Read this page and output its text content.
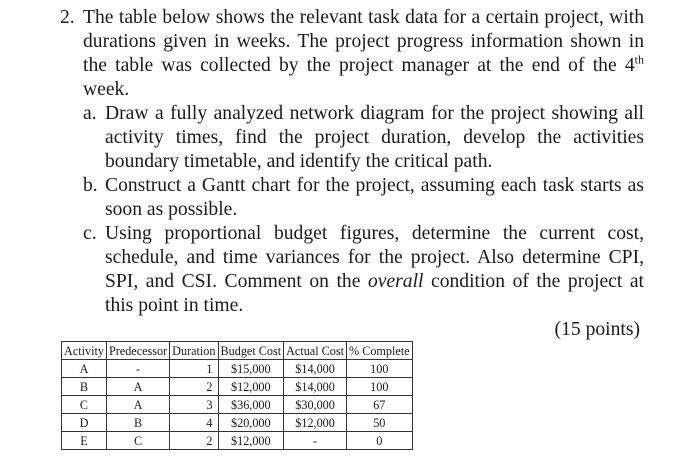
2. The table below shows the relevant task data for a certain project, with durations given in weeks. The project progress information shown in the table was collected by the project manager at the end of the 4th week.
a. Draw a fully analyzed network diagram for the project showing all activity times, find the project duration, develop the activities boundary timetable, and identify the critical path.
b. Construct a Gantt chart for the project, assuming each task starts as soon as possible.
c. Using proportional budget figures, determine the current cost, schedule, and time variances for the project. Also determine CPI, SPI, and CSI. Comment on the overall condition of the project at this point in time.
(15 points)
Activity	Predecessor	Duration	Budget Cost	Actual Cost	% Complete
A	-	1	$15,000	$14,000	100
B	A	2	$12,000	$14,000	100
C	A	3	$36,000	$30,000	67
D	B	4	$20,000	$12,000	50
E	C	2	$12,000	-	0
